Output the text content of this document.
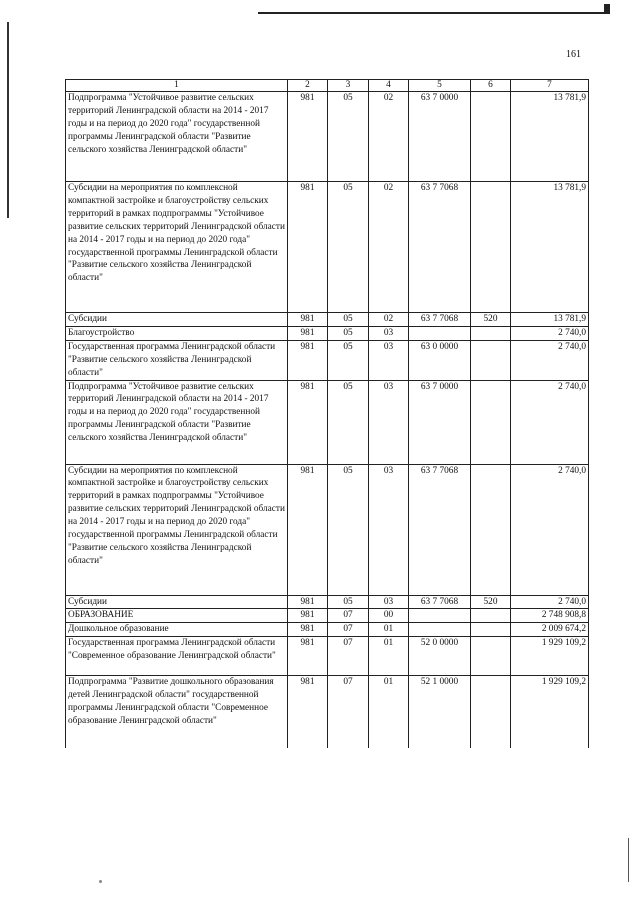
161
1	2	3	4	5	6	7
Подпрограмма "Устойчивое развитие сельских территорий Ленинградской области на 2014 - 2017 годы и на период до 2020 года" государственной программы Ленинградской области "Развитие сельского хозяйства Ленинградской области"	981	05	02	63 7 0000		13 781,9
Субсидии на мероприятия по комплексной компактной застройке и благоустройству сельских территорий в рамках подпрограммы "Устойчивое развитие сельских территорий Ленинградской области на 2014 - 2017 годы и на период до 2020 года" государственной программы Ленинградской области "Развитие сельского хозяйства Ленинградской области"	981	05	02	63 7 7068		13 781,9
Субсидии	981	05	02	63 7 7068	520	13 781,9
Благоустройство	981	05	03			2 740,0
Государственная программа Ленинградской области "Развитие сельского хозяйства Ленинградской области"	981	05	03	63 0 0000		2 740,0
Подпрограмма "Устойчивое развитие сельских территорий Ленинградской области на 2014 - 2017 годы и на период до 2020 года" государственной программы Ленинградской области "Развитие сельского хозяйства Ленинградской области"	981	05	03	63 7 0000		2 740,0
Субсидии на мероприятия по комплексной компактной застройке и благоустройству сельских территорий в рамках подпрограммы "Устойчивое развитие сельских территорий Ленинградской области на 2014 - 2017 годы и на период до 2020 года" государственной программы Ленинградской области "Развитие сельского хозяйства Ленинградской области"	981	05	03	63 7 7068		2 740,0
Субсидии	981	05	03	63 7 7068	520	2 740,0
ОБРАЗОВАНИЕ	981	07	00			2 748 908,8
Дошкольное образование	981	07	01			2 009 674,2
Государственная программа Ленинградской области "Современное образование Ленинградской области"	981	07	01	52 0 0000		1 929 109,2
Подпрограмма "Развитие дошкольного образования детей Ленинградской области" государственной программы Ленинградской области "Современное образование Ленинградской области"	981	07	01	52 1 0000		1 929 109,2
